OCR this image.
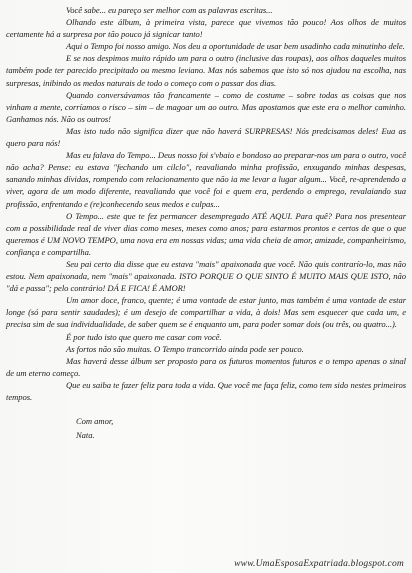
Você sabe... eu pareço ser melhor com as palavras escritas...

Olhando este álbum, à primeira vista, parece que vivemos tão pouco! Aos olhos de muitos certamente há a surpresa por tão pouco já signicar tanto!

Aqui o Tempo foi nosso amigo. Nos deu a oportunidade de usar bem usadinho cada minutinho dele.

E se nos despimos muito rápido um para o outro (inclusive das roupas), aos olhos daqueles muitos também pode ter parecido precipitado ou mesmo leviano. Mas nós sabemos que isto só nos ajudou na escolha, nas surpresas, inibindo os medos naturais de todo o começo com o passar dos dias.

Quando conversávamos tão francamente – como de costume – sobre todas as coisas que nos vinham a mente, corríamos o risco – sim – de magoar um ao outro. Mas apostamos que este era o melhor caminho. Ganhamos nós. Não os outros!

Mas isto tudo não significa dizer que não haverá SURPRESAS! Nós predcisamos deles! Eua as quero para nós!

Mas eu falava do Tempo... Deus nosso foi s'vbaio e bondoso ao preparar-nos um para o outro, você não acha? Pense: eu estava "fechando um cilclo", reavaliando minha profissão, enxugando minhas despesas, sanando minhas dívidas, rompendo com relacionamento que não ia me levar a lugar algum... Você, re-aprendendo a viver, agora de um modo diferente, reavaliando que você foi e quem era, perdendo o emprego, revalaiando sua profissão, enfrentando e (re)conhecendo seus medos e culpas...

O Tempo... este que te fez permancer desempregado ATÉ AQUI. Para quê? Para nos presentear com a possibilidade real de viver dias como meses, meses como anos; para estarmos prontos e certos de que o que queremos é UM NOVO TEMPO, uma nova era em nossas vidas; uma vida cheia de amor, amizade, companheirismo, confiança e compartilha.

Seu pai certo dia disse que eu estava "mais" apaixonada que você. Não quis contrarío-lo, mas não estou. Nem apaixonada, nem "mais" apaixonada. ISTO PORQUE O QUE SINTO É MUITO MAIS QUE ISTO, não "dá e passa"; pelo contrário! DÁ E FICA! É AMOR!

Um amor doce, franco, quente; é uma vontade de estar junto, mas também é uma vontade de estar longe (só para sentir saudades); é um desejo de compartilhar a vida, à dois! Mas sem esquecer que cada um, e precisa sim de sua individualidade, de saber quem se é enquanto um, para poder somar dois (ou três, ou quatro...).

É por tudo isto que quero me casar com você.

As fortos não são muitas. O Tempo trancorrido ainda pode ser pouco.

Mas haverá desse álbum ser proposto para os futuros momentos futuros e o tempo apenas o sinal de um eterno começo.

Que eu saiba te fazer feliz para toda a vida. Que você me faça feliz, como tem sido nestes primeiros tempos.

Com amor,

Nata.

www.UmaEsposaExpatriada.blogspot.com
